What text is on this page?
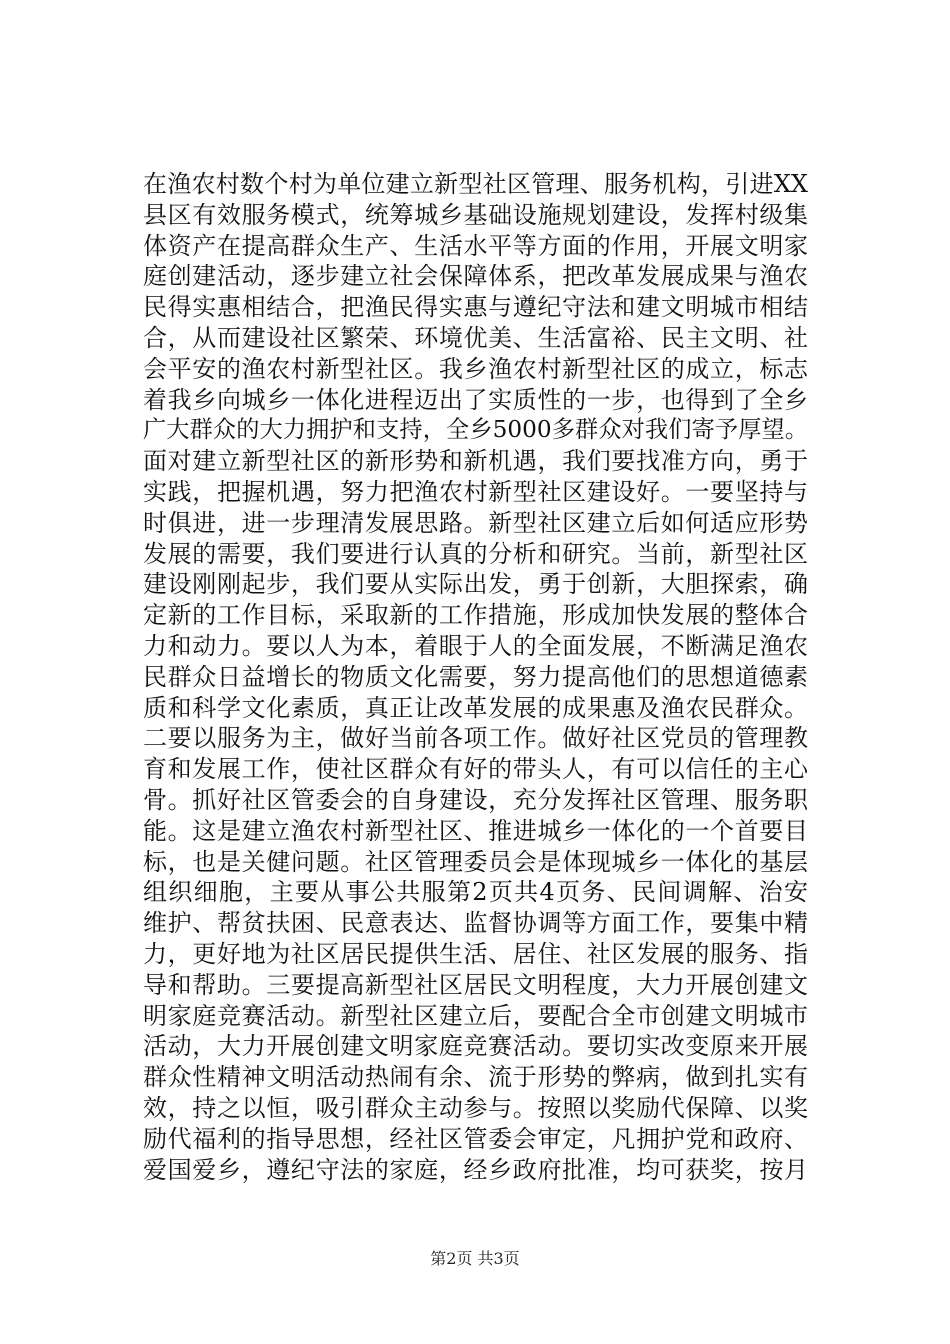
在渔农村数个村为单位建立新型社区管理、服务机构，引进XX
县区有效服务模式，统筹城乡基础设施规划建设，发挥村级集
体资产在提高群众生产、生活水平等方面的作用，开展文明家
庭创建活动，逐步建立社会保障体系，把改革发展成果与渔农
民得实惠相结合，把渔民得实惠与遵纪守法和建文明城市相结
合，从而建设社区繁荣、环境优美、生活富裕、民主文明、社
会平安的渔农村新型社区。我乡渔农村新型社区的成立，标志
着我乡向城乡一体化进程迈出了实质性的一步，也得到了全乡
广大群众的大力拥护和支持，全乡5000多群众对我们寄予厚望。
面对建立新型社区的新形势和新机遇，我们要找准方向，勇于
实践，把握机遇，努力把渔农村新型社区建设好。一要坚持与
时俱进，进一步理清发展思路。新型社区建立后如何适应形势
发展的需要，我们要进行认真的分析和研究。当前，新型社区
建设刚刚起步，我们要从实际出发，勇于创新，大胆探索，确
定新的工作目标，采取新的工作措施，形成加快发展的整体合
力和动力。要以人为本，着眼于人的全面发展，不断满足渔农
民群众日益增长的物质文化需要，努力提高他们的思想道德素
质和科学文化素质，真正让改革发展的成果惠及渔农民群众。
二要以服务为主，做好当前各项工作。做好社区党员的管理教
育和发展工作，使社区群众有好的带头人，有可以信任的主心
骨。抓好社区管委会的自身建设，充分发挥社区管理、服务职
能。这是建立渔农村新型社区、推进城乡一体化的一个首要目
标，也是关健问题。社区管理委员会是体现城乡一体化的基层
组织细胞，主要从事公共服第2页共4页务、民间调解、治安
维护、帮贫扶困、民意表达、监督协调等方面工作，要集中精
力，更好地为社区居民提供生活、居住、社区发展的服务、指
导和帮助。三要提高新型社区居民文明程度，大力开展创建文
明家庭竞赛活动。新型社区建立后，要配合全市创建文明城市
活动，大力开展创建文明家庭竞赛活动。要切实改变原来开展
群众性精神文明活动热闹有余、流于形势的弊病，做到扎实有
效，持之以恒，吸引群众主动参与。按照以奖励代保障、以奖
励代福利的指导思想，经社区管委会审定，凡拥护党和政府、
爱国爱乡，遵纪守法的家庭，经乡政府批准，均可获奖，按月
第2页 共3页
